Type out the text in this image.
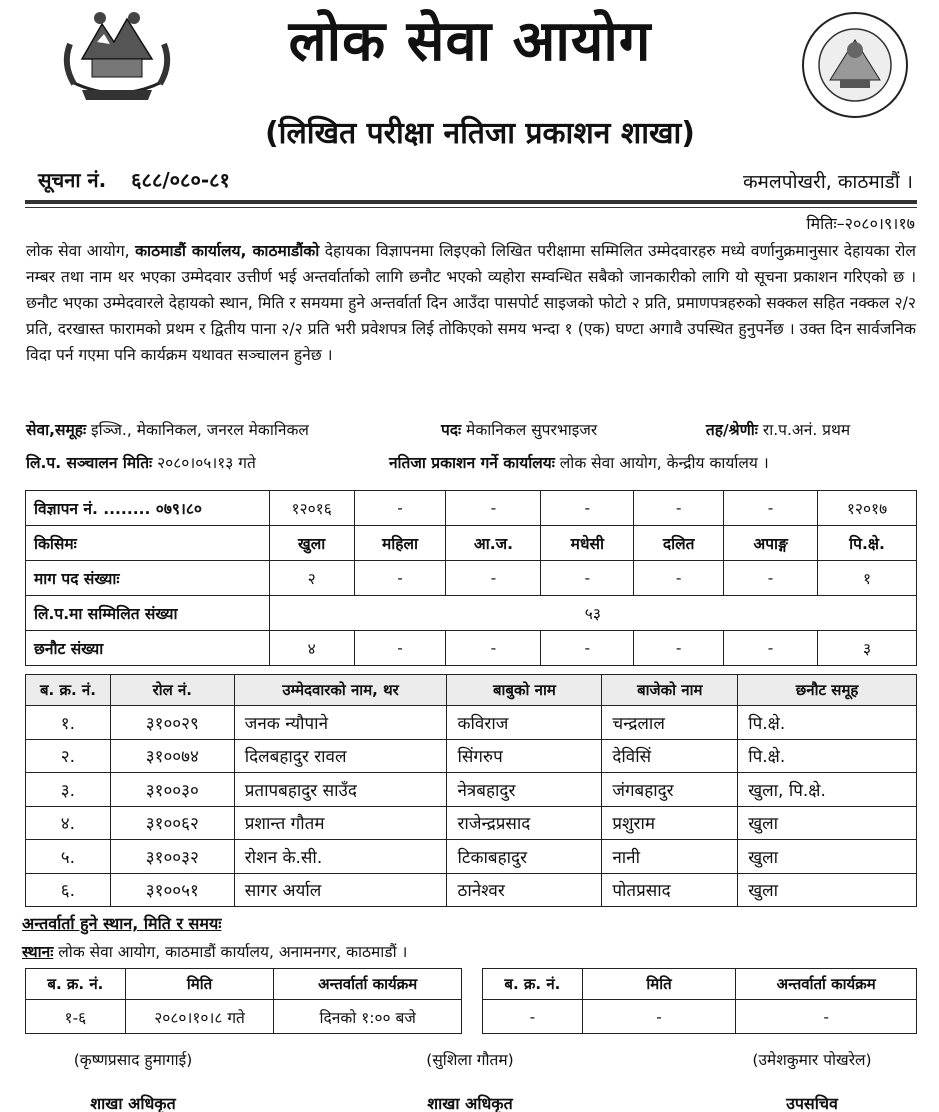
लोक सेवा आयोग
(लिखित परीक्षा नतिजा प्रकाशन शाखा)
सूचना नं. ६८८/०८०-८१	कमलपोखरी, काठमाडौं ।
मितिः–२०८०।९।१७
लोक सेवा आयोग, काठमाडौं कार्यालय, काठमाडौंको देहायका विज्ञापनमा लिइएको लिखित परीक्षामा सम्मिलित उम्मेदवारहरु मध्ये वर्णानुक्रमानुसार देहायका रोल नम्बर तथा नाम थर भएका उम्मेदवार उत्तीर्ण भई अन्तर्वार्ताको लागि छनौट भएको व्यहोरा सम्वन्धित सबैको जानकारीको लागि यो सूचना प्रकाशन गरिएको छ । छनौट भएका उम्मेदवारले देहायको स्थान, मिति र समयमा हुने अन्तर्वार्ता दिन आउँदा पासपोर्ट साइजको फोटो २ प्रति, प्रमाणपत्रहरुको सक्कल सहित नक्कल २/२ प्रति, दरखास्त फारामको प्रथम र द्वितीय पाना २/२ प्रति भरी प्रवेशपत्र लिई तोकिएको समय भन्दा १ (एक) घण्टा अगावै उपस्थित हुनुपर्नेछ । उक्त दिन सार्वजनिक विदा पर्न गएमा पनि कार्यक्रम यथावत सञ्चालन हुनेछ ।
सेवा,समूहः इञ्जि., मेकानिकल, जनरल मेकानिकल	पदः मेकानिकल सुपरभाइजर	तह/श्रेणीः रा.प.अनं. प्रथम
लि.प. सञ्चालन मितिः २०८०।०५।१३ गते	नतिजा प्रकाशन गर्ने कार्यालयः लोक सेवा आयोग, केन्द्रीय कार्यालय ।
विज्ञापन नं. ........ ०७९।८०	१२०१६	-	-	-	-	-	१२०१७
किसिमः	खुला	महिला	आ.ज.	मधेसी	दलित	अपाङ्ग	पि.क्षे.
माग पद संख्याः	२	-	-	-	-	-	१
लि.प.मा सम्मिलित संख्या	५३						
छनौट संख्या	४	-	-	-	-	-	३
ब. क्र. नं.	रोल नं.	उम्मेदवारको नाम, थर	बाबुको नाम	बाजेको नाम	छनौट समूह
१.	३१००२९	जनक न्यौपाने	कविराज	चन्द्रलाल	पि.क्षे.
२.	३१००७४	दिलबहादुर रावल	सिंगरुप	देविसिं	पि.क्षे.
३.	३१००३०	प्रतापबहादुर साउँद	नेत्रबहादुर	जंगबहादुर	खुला, पि.क्षे.
४.	३१००६२	प्रशान्त गौतम	राजेन्द्रप्रसाद	प्रशुराम	खुला
५.	३१००३२	रोशन के.सी.	टिकाबहादुर	नानी	खुला
६.	३१००५१	सागर अर्याल	ठानेश्वर	पोतप्रसाद	खुला
अन्तर्वार्ता हुने स्थान, मिति र समयः
स्थानः लोक सेवा आयोग, काठमाडौं कार्यालय, अनामनगर, काठमाडौं ।
ब. क्र. नं.	मिति	अन्तर्वार्ता कार्यक्रम
१-६	२०८०।१०।८ गते	दिनको १:०० बजे
ब. क्र. नं.	मिति	अन्तर्वार्ता कार्यक्रम
-	-	-
(कृष्णप्रसाद हुमागाई)
शाखा अधिकृत
(सुशिला गौतम)
शाखा अधिकृत
(उमेशकुमार पोखरेल)
उपसचिव
